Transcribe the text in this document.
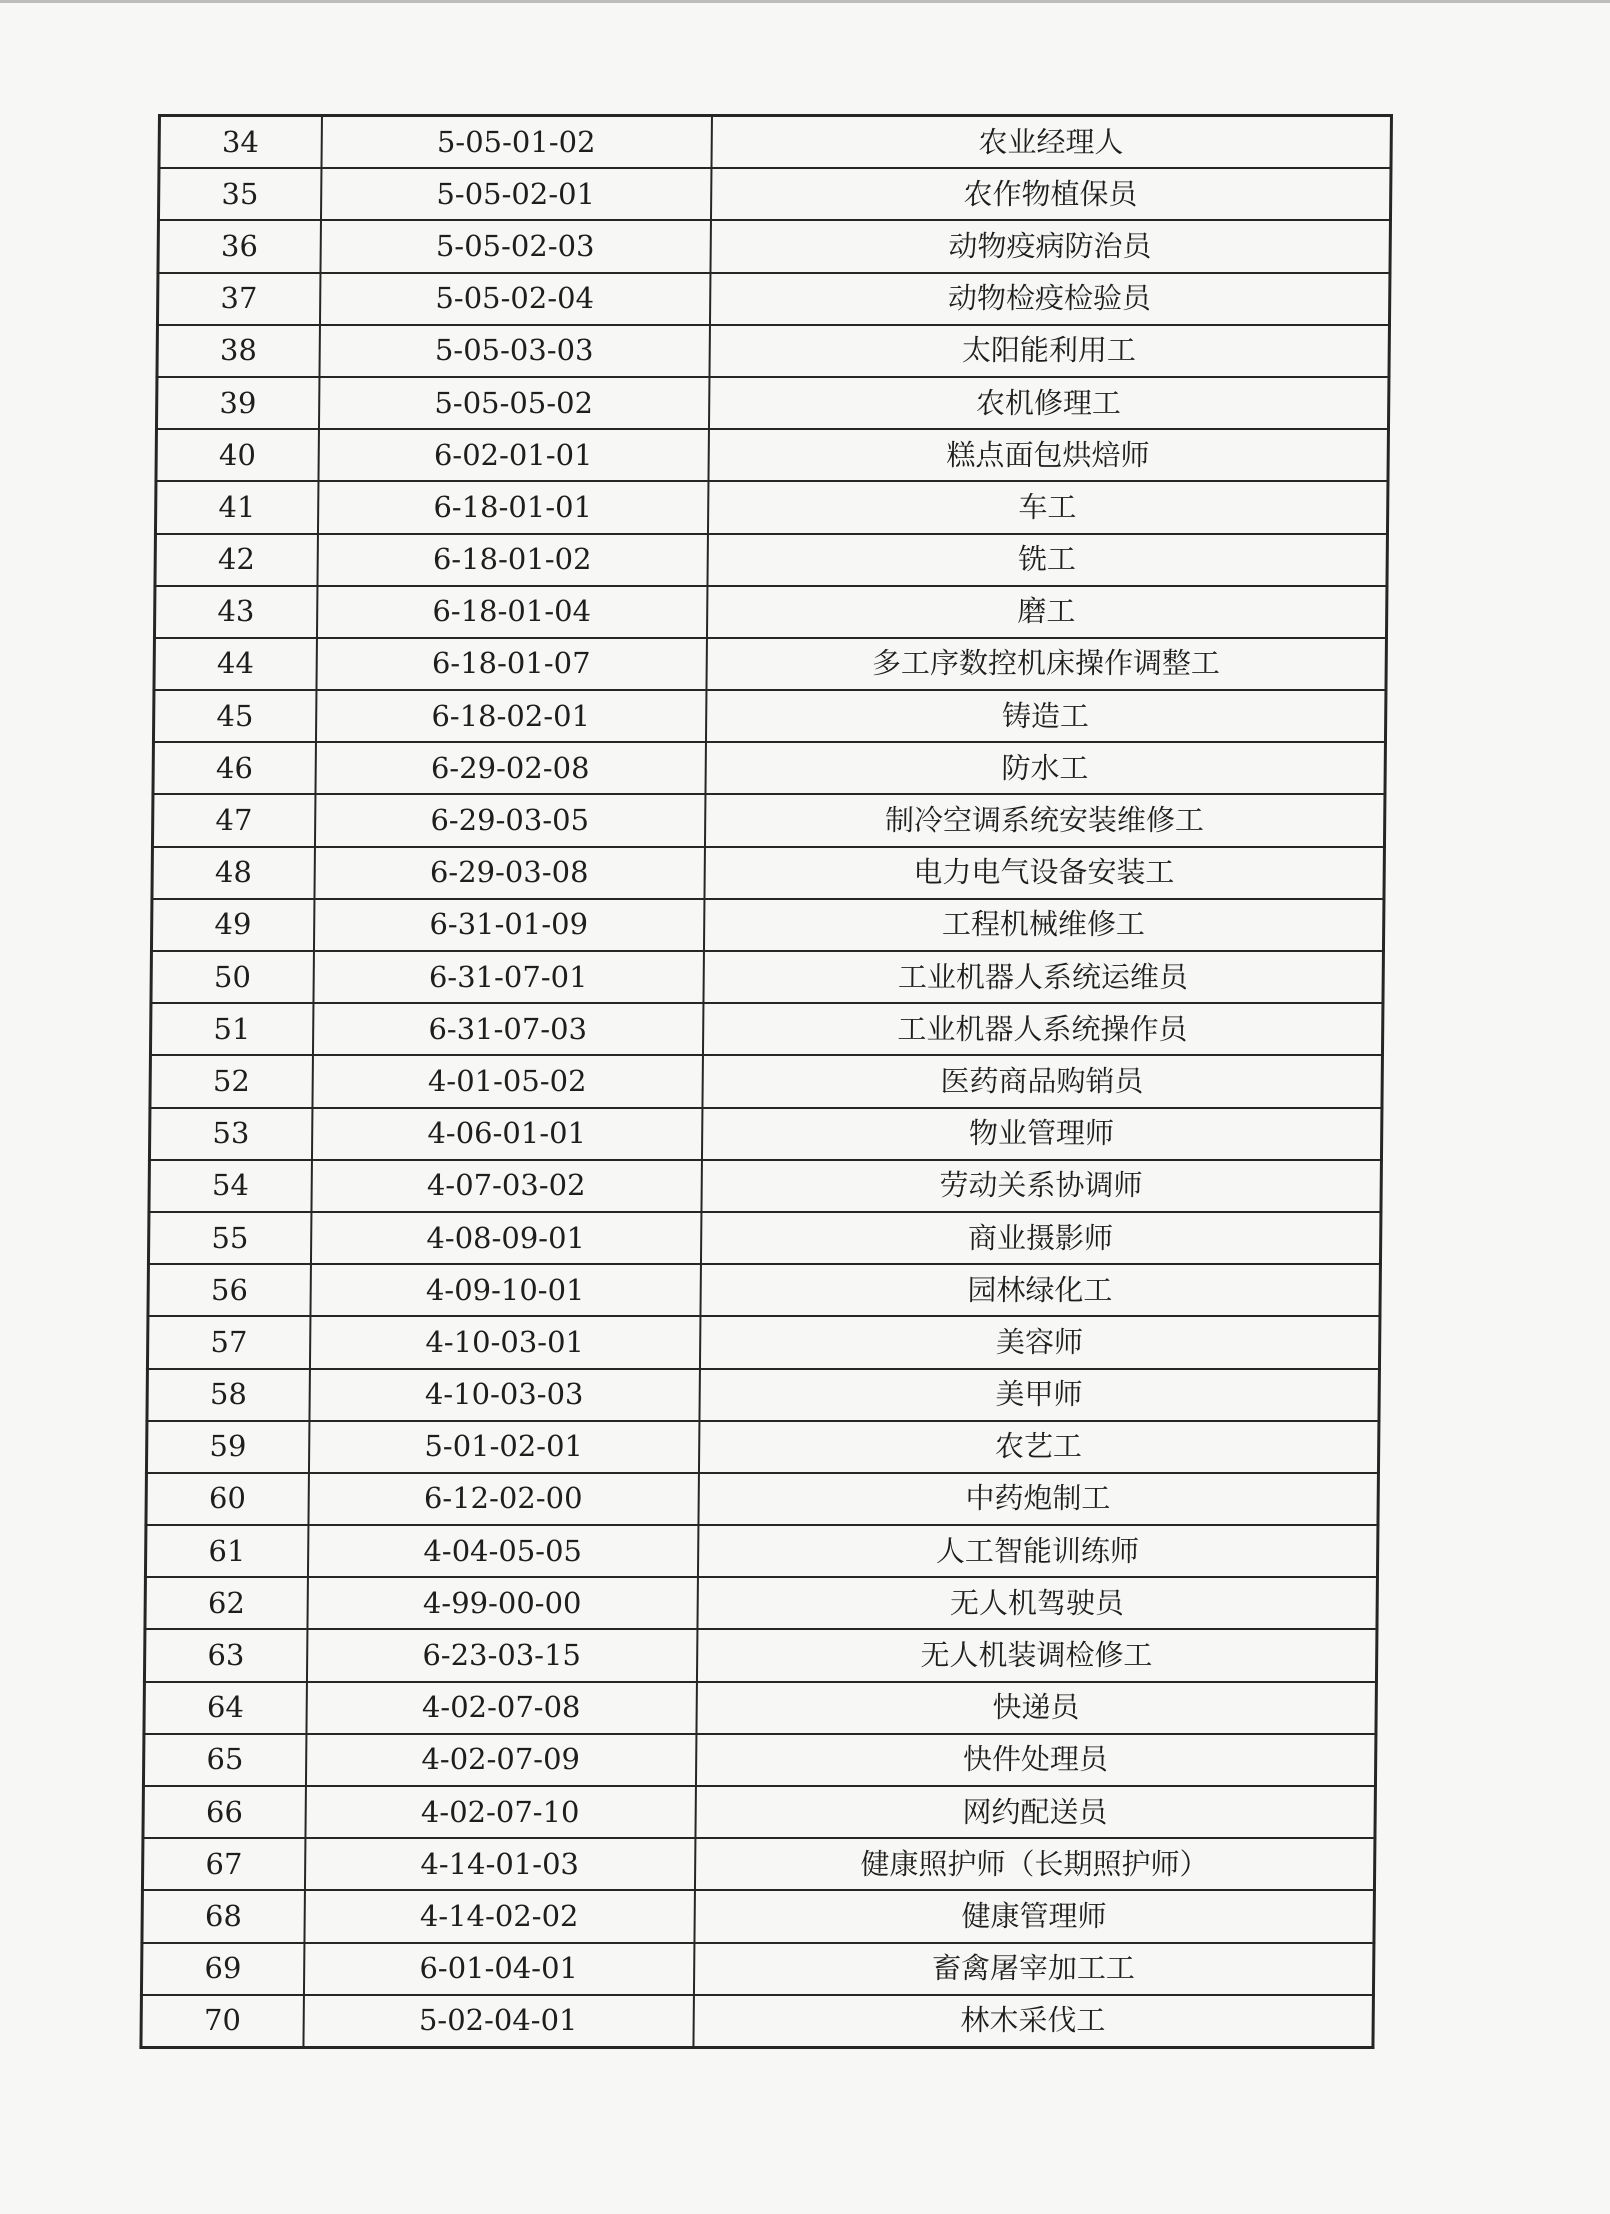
34	5-05-01-02	农业经理人
35	5-05-02-01	农作物植保员
36	5-05-02-03	动物疫病防治员
37	5-05-02-04	动物检疫检验员
38	5-05-03-03	太阳能利用工
39	5-05-05-02	农机修理工
40	6-02-01-01	糕点面包烘焙师
41	6-18-01-01	车工
42	6-18-01-02	铣工
43	6-18-01-04	磨工
44	6-18-01-07	多工序数控机床操作调整工
45	6-18-02-01	铸造工
46	6-29-02-08	防水工
47	6-29-03-05	制冷空调系统安装维修工
48	6-29-03-08	电力电气设备安装工
49	6-31-01-09	工程机械维修工
50	6-31-07-01	工业机器人系统运维员
51	6-31-07-03	工业机器人系统操作员
52	4-01-05-02	医药商品购销员
53	4-06-01-01	物业管理师
54	4-07-03-02	劳动关系协调师
55	4-08-09-01	商业摄影师
56	4-09-10-01	园林绿化工
57	4-10-03-01	美容师
58	4-10-03-03	美甲师
59	5-01-02-01	农艺工
60	6-12-02-00	中药炮制工
61	4-04-05-05	人工智能训练师
62	4-99-00-00	无人机驾驶员
63	6-23-03-15	无人机装调检修工
64	4-02-07-08	快递员
65	4-02-07-09	快件处理员
66	4-02-07-10	网约配送员
67	4-14-01-03	健康照护师（长期照护师）
68	4-14-02-02	健康管理师
69	6-01-04-01	畜禽屠宰加工工
70	5-02-04-01	林木采伐工
